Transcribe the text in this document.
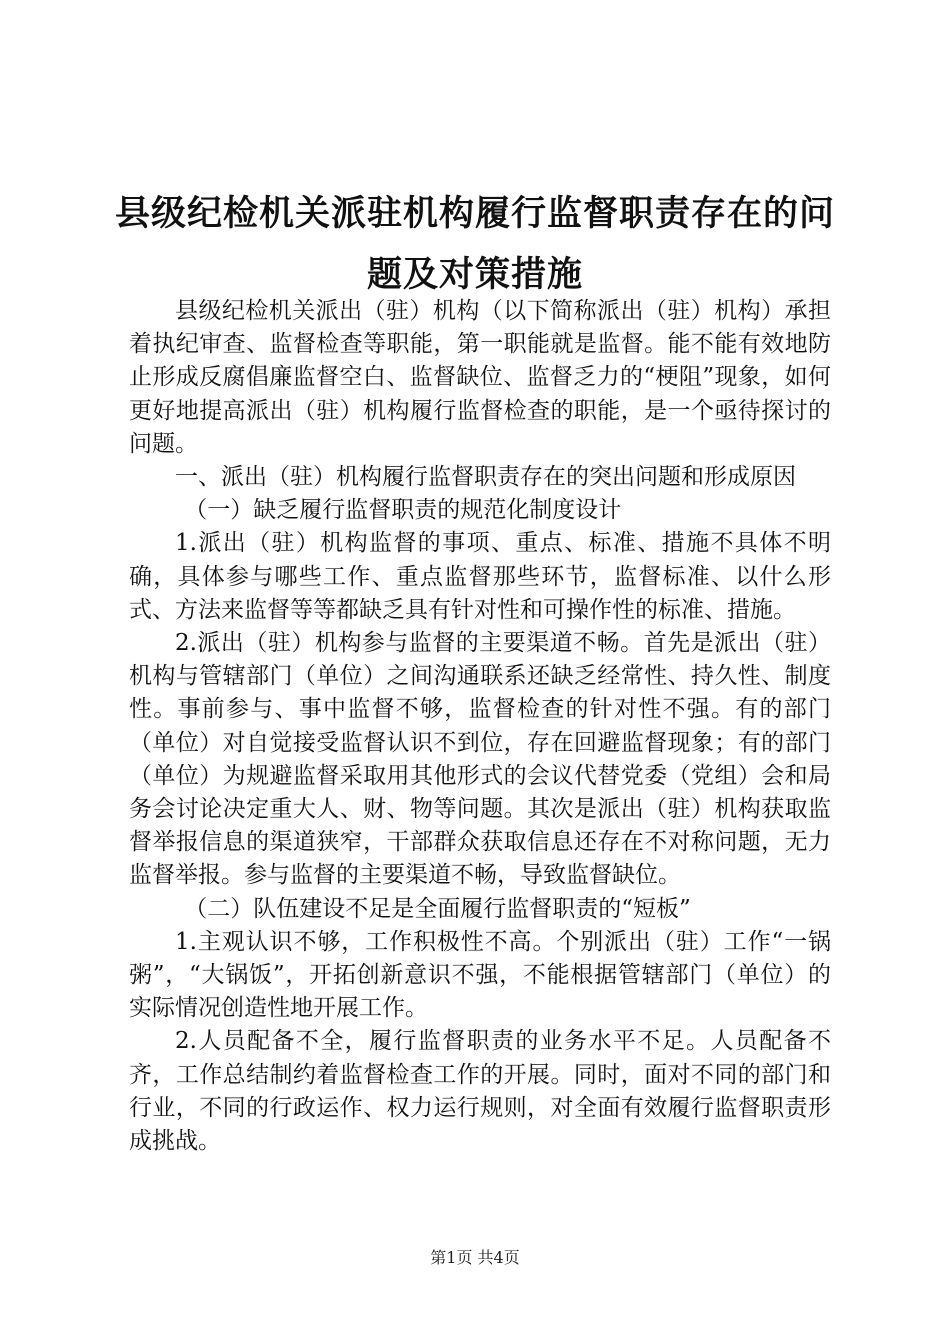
县级纪检机关派驻机构履行监督职责存在的问
题及对策措施

县级纪检机关派出（驻）机构（以下简称派出（驻）机构）承担着执纪审查、监督检查等职能，第一职能就是监督。能不能有效地防止形成反腐倡廉监督空白、监督缺位、监督乏力的“梗阻”现象，如何更好地提高派出（驻）机构履行监督检查的职能，是一个亟待探讨的问题。

一、派出（驻）机构履行监督职责存在的突出问题和形成原因

（一）缺乏履行监督职责的规范化制度设计

1.派出（驻）机构监督的事项、重点、标准、措施不具体不明确，具体参与哪些工作、重点监督那些环节，监督标准、以什么形式、方法来监督等等都缺乏具有针对性和可操作性的标准、措施。

2.派出（驻）机构参与监督的主要渠道不畅。首先是派出（驻）机构与管辖部门（单位）之间沟通联系还缺乏经常性、持久性、制度性。事前参与、事中监督不够，监督检查的针对性不强。有的部门（单位）对自觉接受监督认识不到位，存在回避监督现象；有的部门（单位）为规避监督采取用其他形式的会议代替党委（党组）会和局务会讨论决定重大人、财、物等问题。其次是派出（驻）机构获取监督举报信息的渠道狭窄，干部群众获取信息还存在不对称问题，无力监督举报。参与监督的主要渠道不畅，导致监督缺位。

（二）队伍建设不足是全面履行监督职责的“短板”

1.主观认识不够，工作积极性不高。个别派出（驻）工作“一锅粥”，“大锅饭”，开拓创新意识不强，不能根据管辖部门（单位）的实际情况创造性地开展工作。

2.人员配备不全，履行监督职责的业务水平不足。人员配备不齐，工作总结制约着监督检查工作的开展。同时，面对不同的部门和行业，不同的行政运作、权力运行规则，对全面有效履行监督职责形成挑战。

第1页 共4页
